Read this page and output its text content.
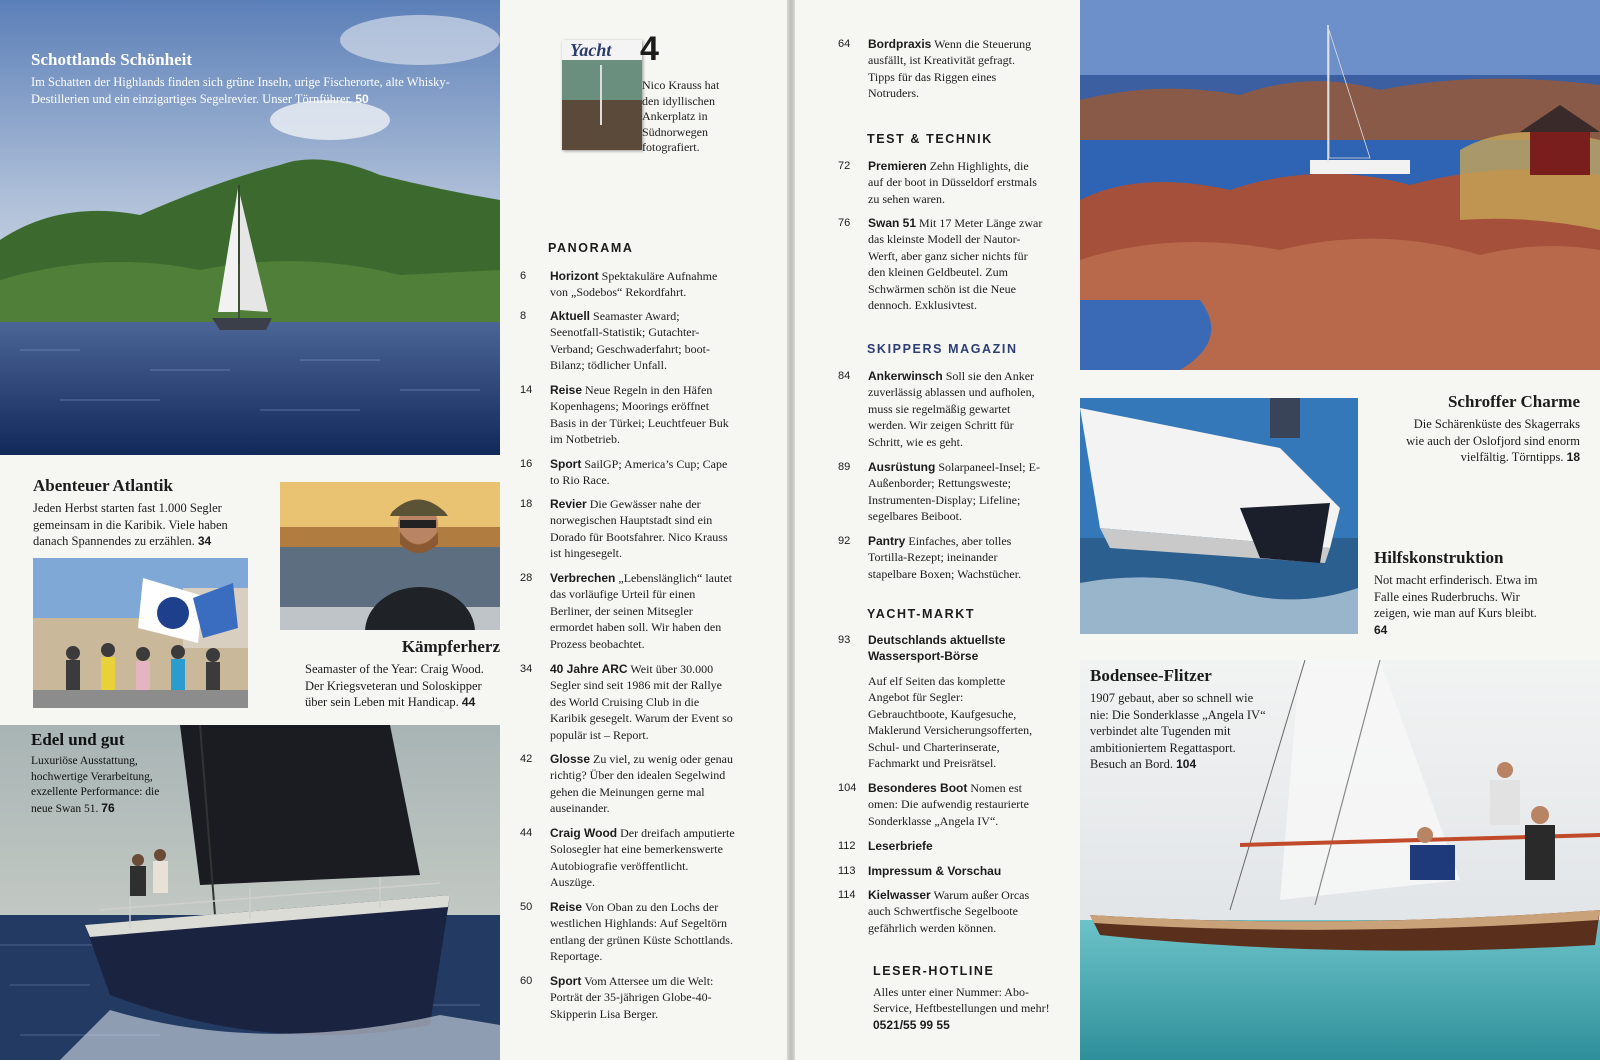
Schottlands Schönheit

Im Schatten der Highlands finden sich grüne Inseln, urige Fischerorte, alte Whisky-Destillerien und ein einzigartiges Segelrevier. Unser Törnführer. 50

Abenteuer Atlantik

Jeden Herbst starten fast 1.000 Segler gemeinsam in die Karibik. Viele haben danach Spannendes zu erzählen. 34

Kämpferherz

Seamaster of the Year: Craig Wood. Der Kriegsveteran und Soloskipper über sein Leben mit Handicap. 44

Edel und gut

Luxuriöse Ausstattung, hochwertige Verarbeitung, exzellente Performance: die neue Swan 51. 76

Yacht 4
Nico Krauss hat den idyllischen Ankerplatz in Südnorwegen fotografiert.
PANORAMA
6	Horizont Spektakuläre Aufnahme von „Sodebos“ Rekordfahrt.
8	Aktuell Seamaster Award; Seenotfall-Statistik; Gutachter-Verband; Geschwaderfahrt; boot-Bilanz; tödlicher Unfall.
14	Reise Neue Regeln in den Häfen Kopenhagens; Moorings eröffnet Basis in der Türkei; Leuchtfeuer Buk im Notbetrieb.
16	Sport SailGP; America’s Cup; Cape to Rio Race.
18	Revier Die Gewässer nahe der norwegischen Hauptstadt sind ein Dorado für Bootsfahrer. Nico Krauss ist hingesegelt.
28	Verbrechen „Lebenslänglich“ lautet das vorläufige Urteil für einen Berliner, der seinen Mitsegler ermordet haben soll. Wir haben den Prozess beobachtet.
34	40 Jahre ARC Weit über 30.000 Segler sind seit 1986 mit der Rallye des World Cruising Club in die Karibik gesegelt. Warum der Event so populär ist – Report.
42	Glosse Zu viel, zu wenig oder genau richtig? Über den idealen Segelwind gehen die Meinungen gerne mal auseinander.
44	Craig Wood Der dreifach amputierte Solosegler hat eine bemerkenswerte Autobiografie veröffentlicht. Auszüge.
50	Reise Von Oban zu den Lochs der westlichen Highlands: Auf Segeltörn entlang der grünen Küste Schottlands. Reportage.
60	Sport Vom Attersee um die Welt: Porträt der 35-jährigen Globe-40-Skipperin Lisa Berger.
64	Bordpraxis Wenn die Steuerung ausfällt, ist Kreativität gefragt. Tipps für das Riggen eines Notruders.
TEST & TECHNIK
72	Premieren Zehn Highlights, die auf der boot in Düsseldorf erstmals zu sehen waren.
76	Swan 51 Mit 17 Meter Länge zwar das kleinste Modell der Nautor-Werft, aber ganz sicher nichts für den kleinen Geldbeutel. Zum Schwärmen schön ist die Neue dennoch. Exklusivtest.
SKIPPERS MAGAZIN
84	Ankerwinsch Soll sie den Anker zuverlässig ablassen und aufholen, muss sie regelmäßig gewartet werden. Wir zeigen Schritt für Schritt, wie es geht.
89	Ausrüstung Solarpaneel-Insel; E-Außenborder; Rettungsweste; Instrumenten-Display; Lifeline; segelbares Beiboot.
92	Pantry Einfaches, aber tolles Tortilla-Rezept; ineinander stapelbare Boxen; Wachstücher.
YACHT-MARKT
93	Deutschlands aktuellste Wassersport-Börse
Auf elf Seiten das komplette Angebot für Segler: Gebrauchtboote, Kaufgesuche, Maklerund Versicherungsofferten, Schul- und Charterinserate, Fachmarkt und Preisrätsel.
104 Besonderes Boot Nomen est omen: Die aufwendig restaurierte Sonderklasse „Angela IV“.
112	Leserbriefe
113	Impressum & Vorschau
114	Kielwasser Warum außer Orcas auch Schwertfische Segelboote gefährlich werden können.
LESER-HOTLINE
Alles unter einer Nummer: Abo-Service, Heftbestellungen und mehr! 0521/55 99 55

Schroffer Charme

Die Schärenküste des Skagerraks wie auch der Oslofjord sind enorm vielfältig. Törntipps. 18

Hilfskonstruktion

Not macht erfinderisch. Etwa im Falle eines Ruderbruchs. Wir zeigen, wie man auf Kurs bleibt. 64

Bodensee-Flitzer

1907 gebaut, aber so schnell wie nie: Die Sonderklasse „Angela IV“ verbindet alte Tugenden mit ambitioniertem Regattasport. Besuch an Bord. 104
